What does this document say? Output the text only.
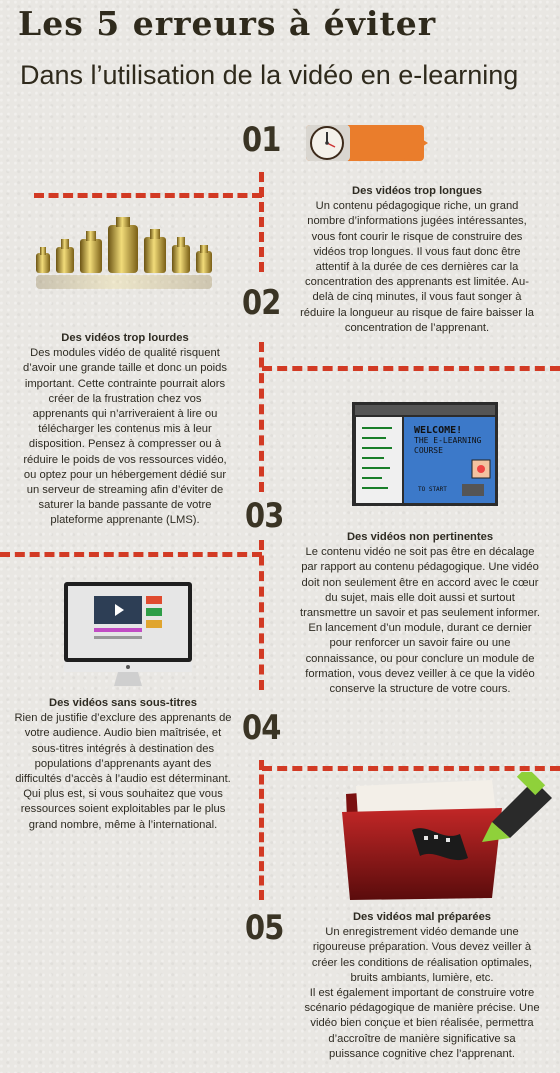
Les 5 erreurs à éviter
Dans l’utilisation de la vidéo en e-learning
01
02
03
04
05
WELCOME!
THE E-LEARNING
COURSE
TO START
Des vidéos trop longues

Un contenu pédagogique riche, un grand nombre d’informations jugées intéressantes, vous font courir le risque de construire des vidéos trop longues. Il vous faut donc être attentif à la durée de ces dernières car la concentration des apprenants est limitée. Au-delà de cinq minutes, il vous faut songer à réduire la longueur au risque de faire baisser la concentration de l’apprenant.

Des vidéos trop lourdes

Des modules vidéo de qualité risquent d’avoir une grande taille et donc un poids important. Cette contrainte pourrait alors créer de la frustration chez vos apprenants qui n’arriveraient à lire ou télécharger les contenus mis à leur disposition. Pensez à compresser ou à réduire le poids de vos ressources vidéo, ou optez pour un hébergement dédié sur un serveur de streaming afin d’éviter de saturer la bande passante de votre plateforme apprenante (LMS).

Des vidéos non pertinentes

Le contenu vidéo ne soit pas être en décalage par rapport au contenu pédagogique. Une vidéo doit non seulement être en accord avec le cœur du sujet, mais elle doit aussi et surtout transmettre un savoir et pas seulement informer. En lancement d’un module, durant ce dernier pour renforcer un savoir faire ou une connaissance, ou pour conclure un module de formation, vous devez veiller à ce que la vidéo conserve la structure de votre cours.

Des vidéos sans sous-titres

Rien de justifie d’exclure des apprenants de votre audience. Audio bien maîtrisée, et sous-titres intégrés à destination des populations d’apprenants ayant des difficultés d’accès à l’audio est déterminant. Qui plus est, si vous souhaitez que vous ressources soient exploitables par le plus grand nombre, même à l’international.

Des vidéos mal préparées

Un enregistrement vidéo demande une rigoureuse préparation. Vous devez veiller à créer les conditions de réalisation optimales, bruits ambiants, lumière, etc.

Il est également important de construire votre scénario pédagogique de manière précise. Une vidéo bien conçue et bien réalisée, permettra d’accroître de manière significative sa puissance cognitive chez l’apprenant.
